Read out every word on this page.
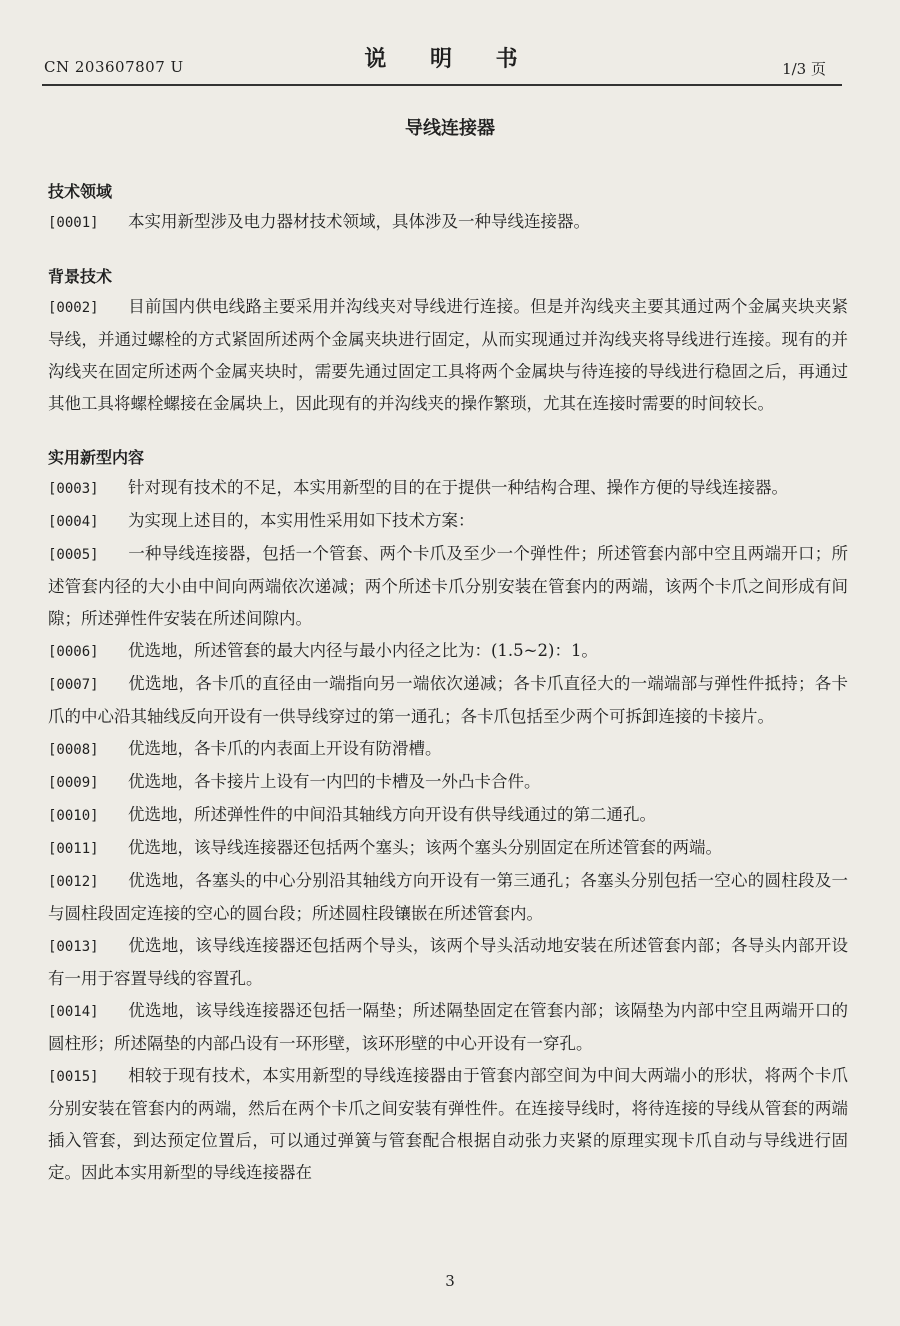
CN 203607807 U	说 明 书	1/3 页
导线连接器

技术领域

[0001] 本实用新型涉及电力器材技术领域，具体涉及一种导线连接器。

背景技术

[0002] 目前国内供电线路主要采用并沟线夹对导线进行连接。但是并沟线夹主要其通过两个金属夹块夹紧导线，并通过螺栓的方式紧固所述两个金属夹块进行固定，从而实现通过并沟线夹将导线进行连接。现有的并沟线夹在固定所述两个金属夹块时，需要先通过固定工具将两个金属块与待连接的导线进行稳固之后，再通过其他工具将螺栓螺接在金属块上，因此现有的并沟线夹的操作繁琐，尤其在连接时需要的时间较长。

实用新型内容

[0003] 针对现有技术的不足，本实用新型的目的在于提供一种结构合理、操作方便的导线连接器。

[0004] 为实现上述目的，本实用性采用如下技术方案：

[0005] 一种导线连接器，包括一个管套、两个卡爪及至少一个弹性件；所述管套内部中空且两端开口；所述管套内径的大小由中间向两端依次递减；两个所述卡爪分别安装在管套内的两端，该两个卡爪之间形成有间隙；所述弹性件安装在所述间隙内。

[0006] 优选地，所述管套的最大内径与最小内径之比为：(1.5~2)：1。

[0007] 优选地，各卡爪的直径由一端指向另一端依次递减；各卡爪直径大的一端端部与弹性件抵持；各卡爪的中心沿其轴线反向开设有一供导线穿过的第一通孔；各卡爪包括至少两个可拆卸连接的卡接片。

[0008] 优选地，各卡爪的内表面上开设有防滑槽。

[0009] 优选地，各卡接片上设有一内凹的卡槽及一外凸卡合件。

[0010] 优选地，所述弹性件的中间沿其轴线方向开设有供导线通过的第二通孔。

[0011] 优选地，该导线连接器还包括两个塞头；该两个塞头分别固定在所述管套的两端。

[0012] 优选地，各塞头的中心分别沿其轴线方向开设有一第三通孔；各塞头分别包括一空心的圆柱段及一与圆柱段固定连接的空心的圆台段；所述圆柱段镶嵌在所述管套内。

[0013] 优选地，该导线连接器还包括两个导头，该两个导头活动地安装在所述管套内部；各导头内部开设有一用于容置导线的容置孔。

[0014] 优选地，该导线连接器还包括一隔垫；所述隔垫固定在管套内部；该隔垫为内部中空且两端开口的圆柱形；所述隔垫的内部凸设有一环形壁，该环形壁的中心开设有一穿孔。

[0015] 相较于现有技术，本实用新型的导线连接器由于管套内部空间为中间大两端小的形状，将两个卡爪分别安装在管套内的两端，然后在两个卡爪之间安装有弹性件。在连接导线时，将待连接的导线从管套的两端插入管套，到达预定位置后，可以通过弹簧与管套配合根据自动张力夹紧的原理实现卡爪自动与导线进行固定。因此本实用新型的导线连接器在

3
